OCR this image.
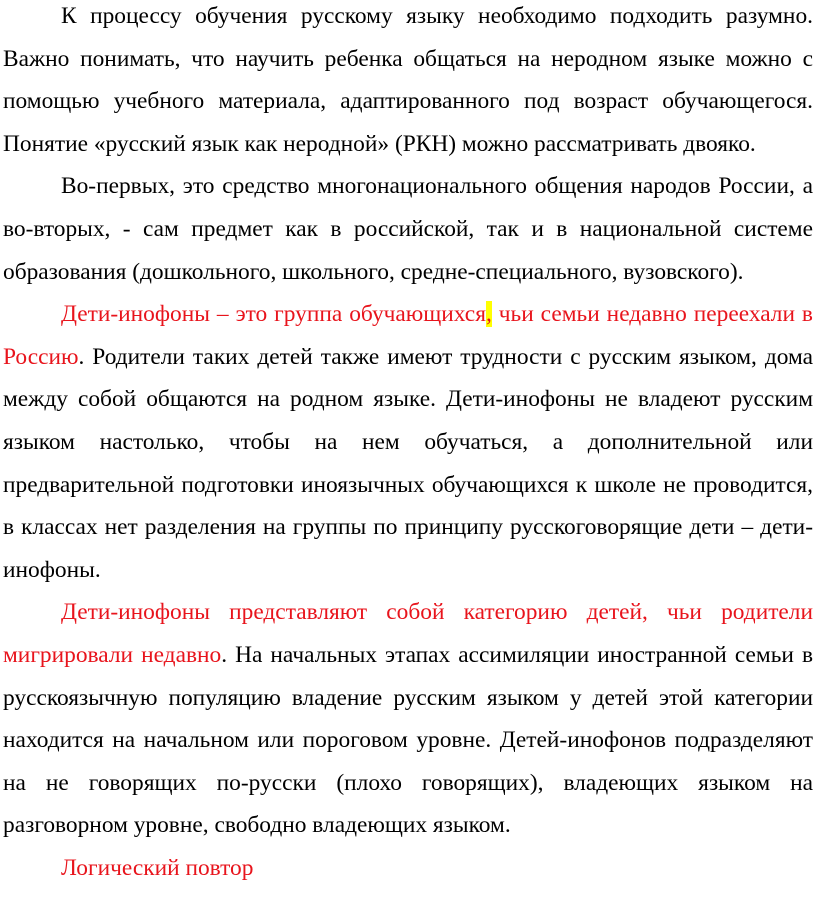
К процессу обучения русскому языку необходимо подходить разумно. Важно понимать, что научить ребенка общаться на неродном языке можно с помощью учебного материала, адаптированного под возраст обучающегося. Понятие «русский язык как неродной» (РКН) можно рассматривать двояко.

Во-первых, это средство многонационального общения народов России, а во-вторых, - сам предмет как в российской, так и в национальной системе образования (дошкольного, школьного, средне-специального, вузовского).

Дети-инофоны – это группа обучающихся, чьи семьи недавно переехали в Россию. Родители таких детей также имеют трудности с русским языком, дома между собой общаются на родном языке. Дети-инофоны не владеют русским языком настолько, чтобы на нем обучаться, а дополнительной или предварительной подготовки иноязычных обучающихся к школе не проводится, в классах нет разделения на группы по принципу русскоговорящие дети – дети-инофоны.

Дети-инофоны представляют собой категорию детей, чьи родители мигрировали недавно. На начальных этапах ассимиляции иностранной семьи в русскоязычную популяцию владение русским языком у детей этой категории находится на начальном или пороговом уровне. Детей-инофонов подразделяют на не говорящих по-русски (плохо говорящих), владеющих языком на разговорном уровне, свободно владеющих языком.

Логический повтор
